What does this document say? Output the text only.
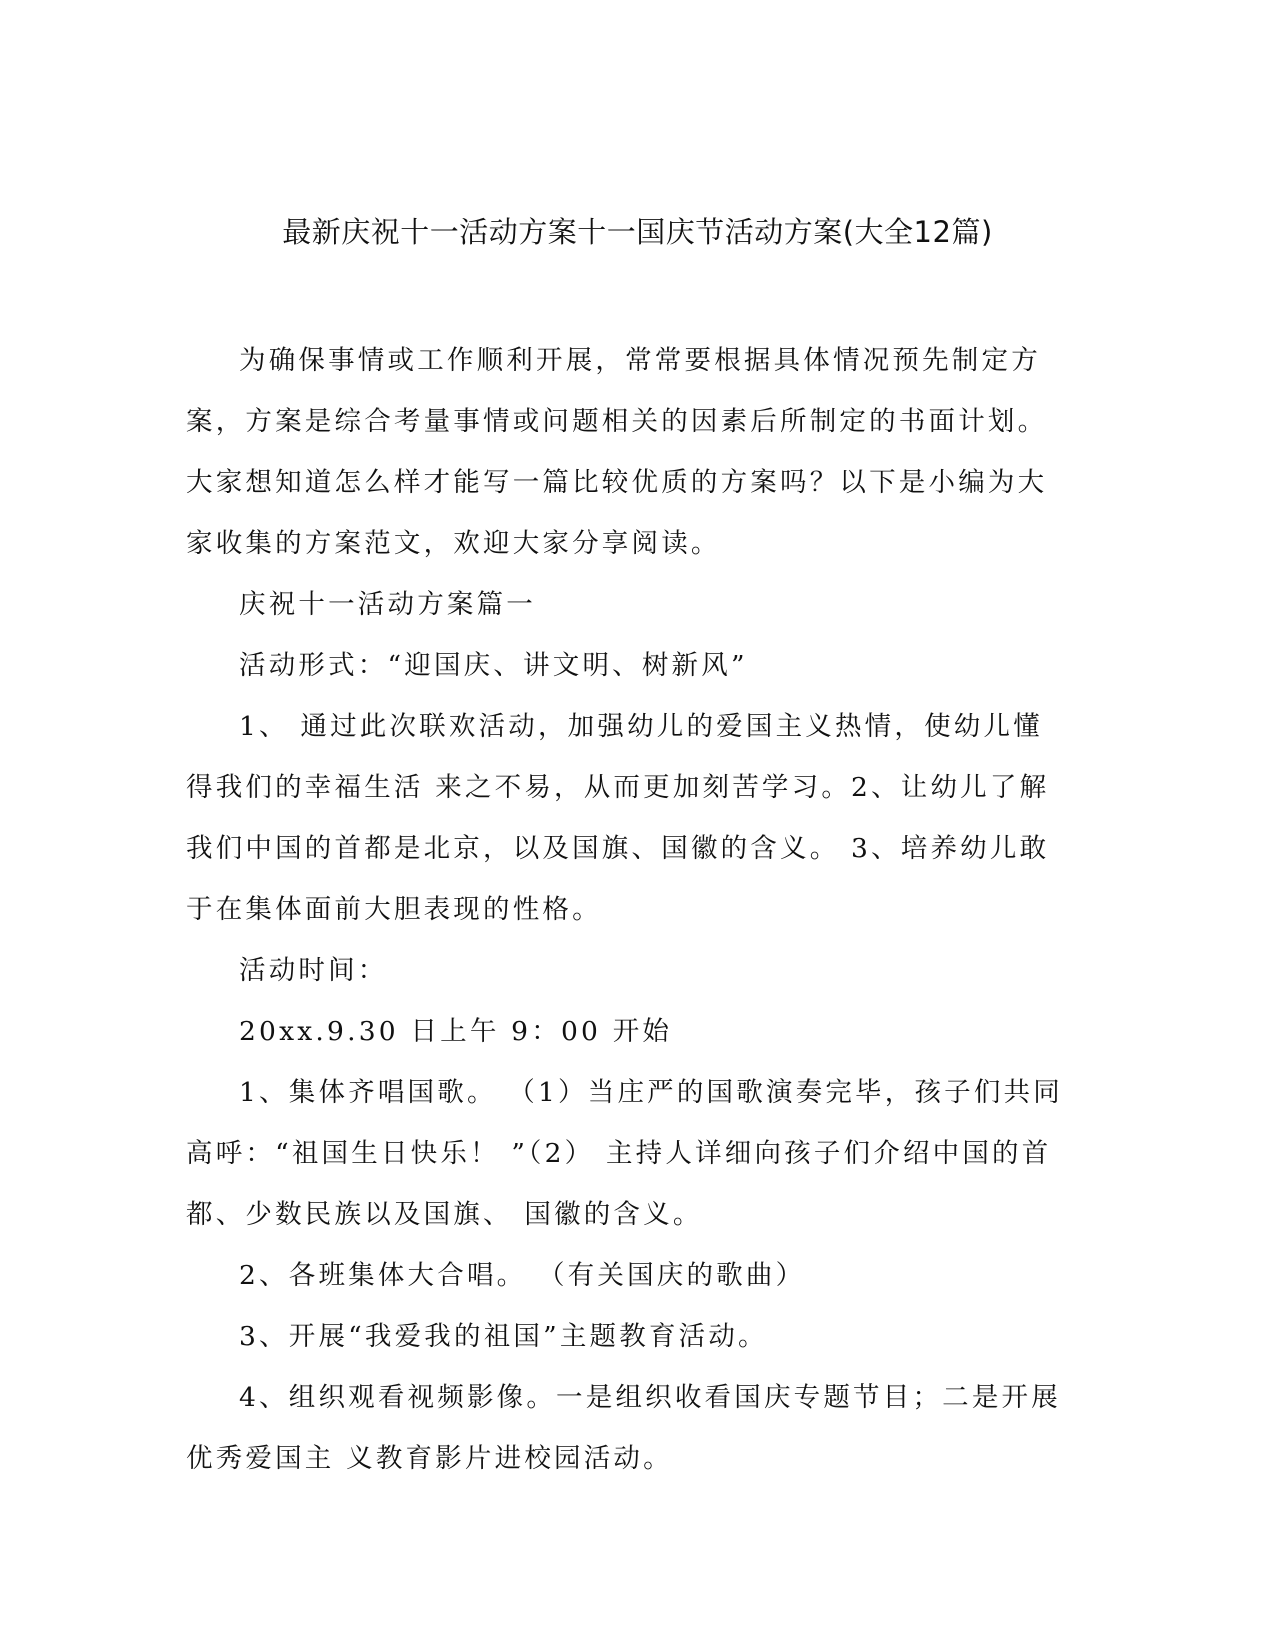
最新庆祝十一活动方案十一国庆节活动方案(大全12篇)

为确保事情或工作顺利开展，常常要根据具体情况预先制定方案，方案是综合考量事情或问题相关的因素后所制定的书面计划。大家想知道怎么样才能写一篇比较优质的方案吗？以下是小编为大家收集的方案范文，欢迎大家分享阅读。

庆祝十一活动方案篇一

活动形式：“迎国庆、讲文明、树新风”

1、 通过此次联欢活动，加强幼儿的爱国主义热情，使幼儿懂得我们的幸福生活 来之不易，从而更加刻苦学习。2、让幼儿了解我们中国的首都是北京，以及国旗、国徽的含义。 3、培养幼儿敢于在集体面前大胆表现的性格。

活动时间：

20xx.9.30 日上午 9：00 开始

1、集体齐唱国歌。 （1）当庄严的国歌演奏完毕，孩子们共同高呼：“祖国生日快乐！ ”（2） 主持人详细向孩子们介绍中国的首都、少数民族以及国旗、 国徽的含义。

2、各班集体大合唱。 （有关国庆的歌曲）

3、开展“我爱我的祖国”主题教育活动。

4、组织观看视频影像。一是组织收看国庆专题节目；二是开展优秀爱国主 义教育影片进校园活动。
